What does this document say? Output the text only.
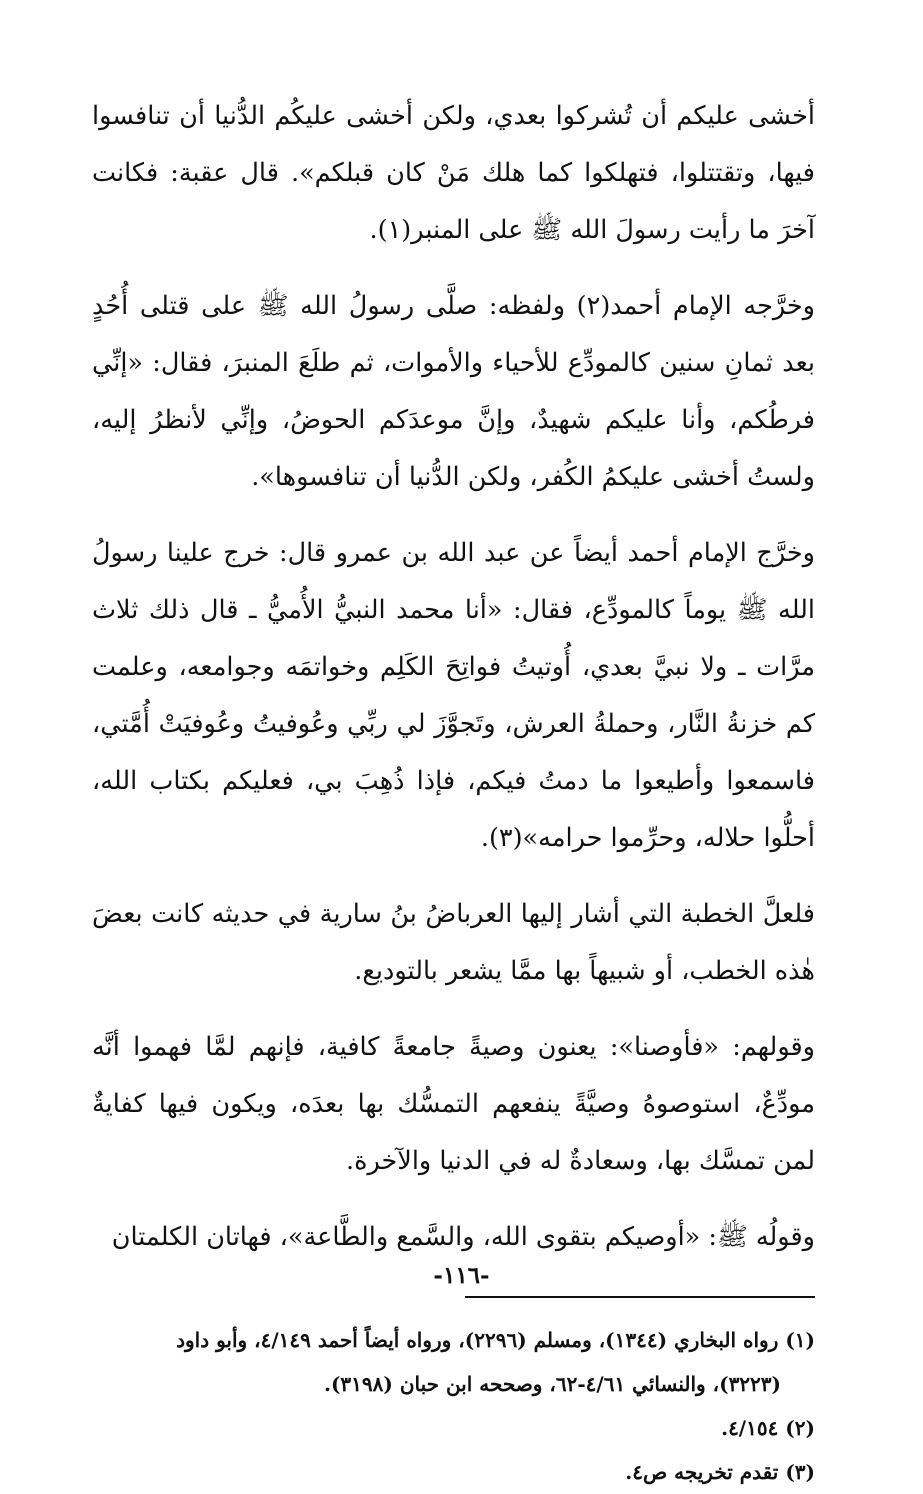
أخشى عليكم أن تُشركوا بعدي، ولكن أخشى عليكُم الدُّنيا أن تنافسوا فيها، وتقتتلوا، فتهلكوا كما هلك مَنْ كان قبلكم». قال عقبة: فكانت آخرَ ما رأيت رسولَ الله ﷺ على المنبر(١).

وخرَّجه الإمام أحمد(٢) ولفظه: صلَّى رسولُ الله ﷺ على قتلى أُحُدٍ بعد ثمانِ سنين كالمودِّع للأحياء والأموات، ثم طلَعَ المنبرَ، فقال: «إنِّي فرطُكم، وأنا عليكم شهيدٌ، وإنَّ موعدَكم الحوضُ، وإنِّي لأنظرُ إليه، ولستُ أخشى عليكمُ الكُفر، ولكن الدُّنيا أن تنافسوها».

وخرَّج الإمام أحمد أيضاً عن عبد الله بن عمرو قال: خرج علينا رسولُ الله ﷺ يوماً كالمودِّع، فقال: «أنا محمد النبيُّ الأُميُّ ـ قال ذلك ثلاث مرَّات ـ ولا نبيَّ بعدي، أُوتيتُ فواتِحَ الكَلِم وخواتمَه وجوامعه، وعلمت كم خزنةُ النَّار، وحملةُ العرش، وتَجوَّزَ لي ربِّي وعُوفيتُ وعُوفيَتْ أُمَّتي، فاسمعوا وأطيعوا ما دمتُ فيكم، فإذا ذُهِبَ بي، فعليكم بكتاب الله، أحلُّوا حلاله، وحرِّموا حرامه»(٣).

فلعلَّ الخطبة التي أشار إليها العرباضُ بنُ سارية في حديثه كانت بعضَ هٰذه الخطب، أو شبيهاً بها ممَّا يشعر بالتوديع.

وقولهم: «فأوصنا»: يعنون وصيةً جامعةً كافية، فإنهم لمَّا فهموا أنَّه مودِّعٌ، استوصوهُ وصيَّةً ينفعهم التمسُّك بها بعدَه، ويكون فيها كفايةٌ لمن تمسَّك بها، وسعادةٌ له في الدنيا والآخرة.

وقولُه ﷺ: «أوصيكم بتقوى الله، والسَّمع والطَّاعة»، فهاتان الكلمتان

(١) رواه البخاري (١٣٤٤)، ومسلم (٢٢٩٦)، ورواه أيضاً أحمد ٤/١٤٩، وأبو داود

(٣٢٢٣)، والنسائي ٤/٦١-٦٢، وصححه ابن حبان (٣١٩٨).

(٢) ٤/١٥٤.

(٣) تقدم تخريجه ص٤.

-١١٦-
